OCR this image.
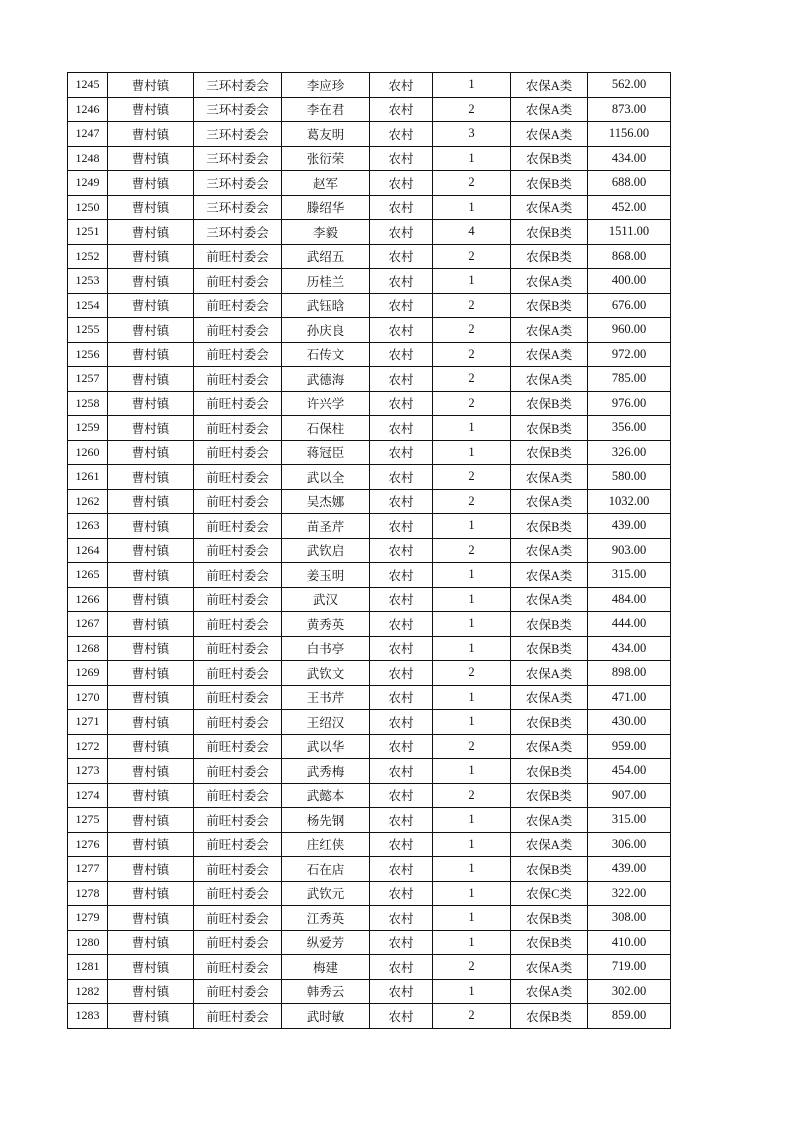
1245	曹村镇	三环村委会	李应珍	农村	1	农保A类	562.00
1246	曹村镇	三环村委会	李在君	农村	2	农保A类	873.00
1247	曹村镇	三环村委会	葛友明	农村	3	农保A类	1156.00
1248	曹村镇	三环村委会	张衍荣	农村	1	农保B类	434.00
1249	曹村镇	三环村委会	赵军	农村	2	农保B类	688.00
1250	曹村镇	三环村委会	滕绍华	农村	1	农保A类	452.00
1251	曹村镇	三环村委会	李毅	农村	4	农保B类	1511.00
1252	曹村镇	前旺村委会	武绍五	农村	2	农保B类	868.00
1253	曹村镇	前旺村委会	历桂兰	农村	1	农保A类	400.00
1254	曹村镇	前旺村委会	武钰晗	农村	2	农保B类	676.00
1255	曹村镇	前旺村委会	孙庆良	农村	2	农保A类	960.00
1256	曹村镇	前旺村委会	石传文	农村	2	农保A类	972.00
1257	曹村镇	前旺村委会	武德海	农村	2	农保A类	785.00
1258	曹村镇	前旺村委会	许兴学	农村	2	农保B类	976.00
1259	曹村镇	前旺村委会	石保柱	农村	1	农保B类	356.00
1260	曹村镇	前旺村委会	蒋冠臣	农村	1	农保B类	326.00
1261	曹村镇	前旺村委会	武以全	农村	2	农保A类	580.00
1262	曹村镇	前旺村委会	吴杰娜	农村	2	农保A类	1032.00
1263	曹村镇	前旺村委会	苗圣芹	农村	1	农保B类	439.00
1264	曹村镇	前旺村委会	武钦启	农村	2	农保A类	903.00
1265	曹村镇	前旺村委会	姜玉明	农村	1	农保A类	315.00
1266	曹村镇	前旺村委会	武汉	农村	1	农保A类	484.00
1267	曹村镇	前旺村委会	黄秀英	农村	1	农保B类	444.00
1268	曹村镇	前旺村委会	白书亭	农村	1	农保B类	434.00
1269	曹村镇	前旺村委会	武钦文	农村	2	农保A类	898.00
1270	曹村镇	前旺村委会	王书芹	农村	1	农保A类	471.00
1271	曹村镇	前旺村委会	王绍汉	农村	1	农保B类	430.00
1272	曹村镇	前旺村委会	武以华	农村	2	农保A类	959.00
1273	曹村镇	前旺村委会	武秀梅	农村	1	农保B类	454.00
1274	曹村镇	前旺村委会	武懿本	农村	2	农保B类	907.00
1275	曹村镇	前旺村委会	杨先钢	农村	1	农保A类	315.00
1276	曹村镇	前旺村委会	庄红侠	农村	1	农保A类	306.00
1277	曹村镇	前旺村委会	石在店	农村	1	农保B类	439.00
1278	曹村镇	前旺村委会	武钦元	农村	1	农保C类	322.00
1279	曹村镇	前旺村委会	江秀英	农村	1	农保B类	308.00
1280	曹村镇	前旺村委会	纵爱芳	农村	1	农保B类	410.00
1281	曹村镇	前旺村委会	梅建	农村	2	农保A类	719.00
1282	曹村镇	前旺村委会	韩秀云	农村	1	农保A类	302.00
1283	曹村镇	前旺村委会	武时敏	农村	2	农保B类	859.00
